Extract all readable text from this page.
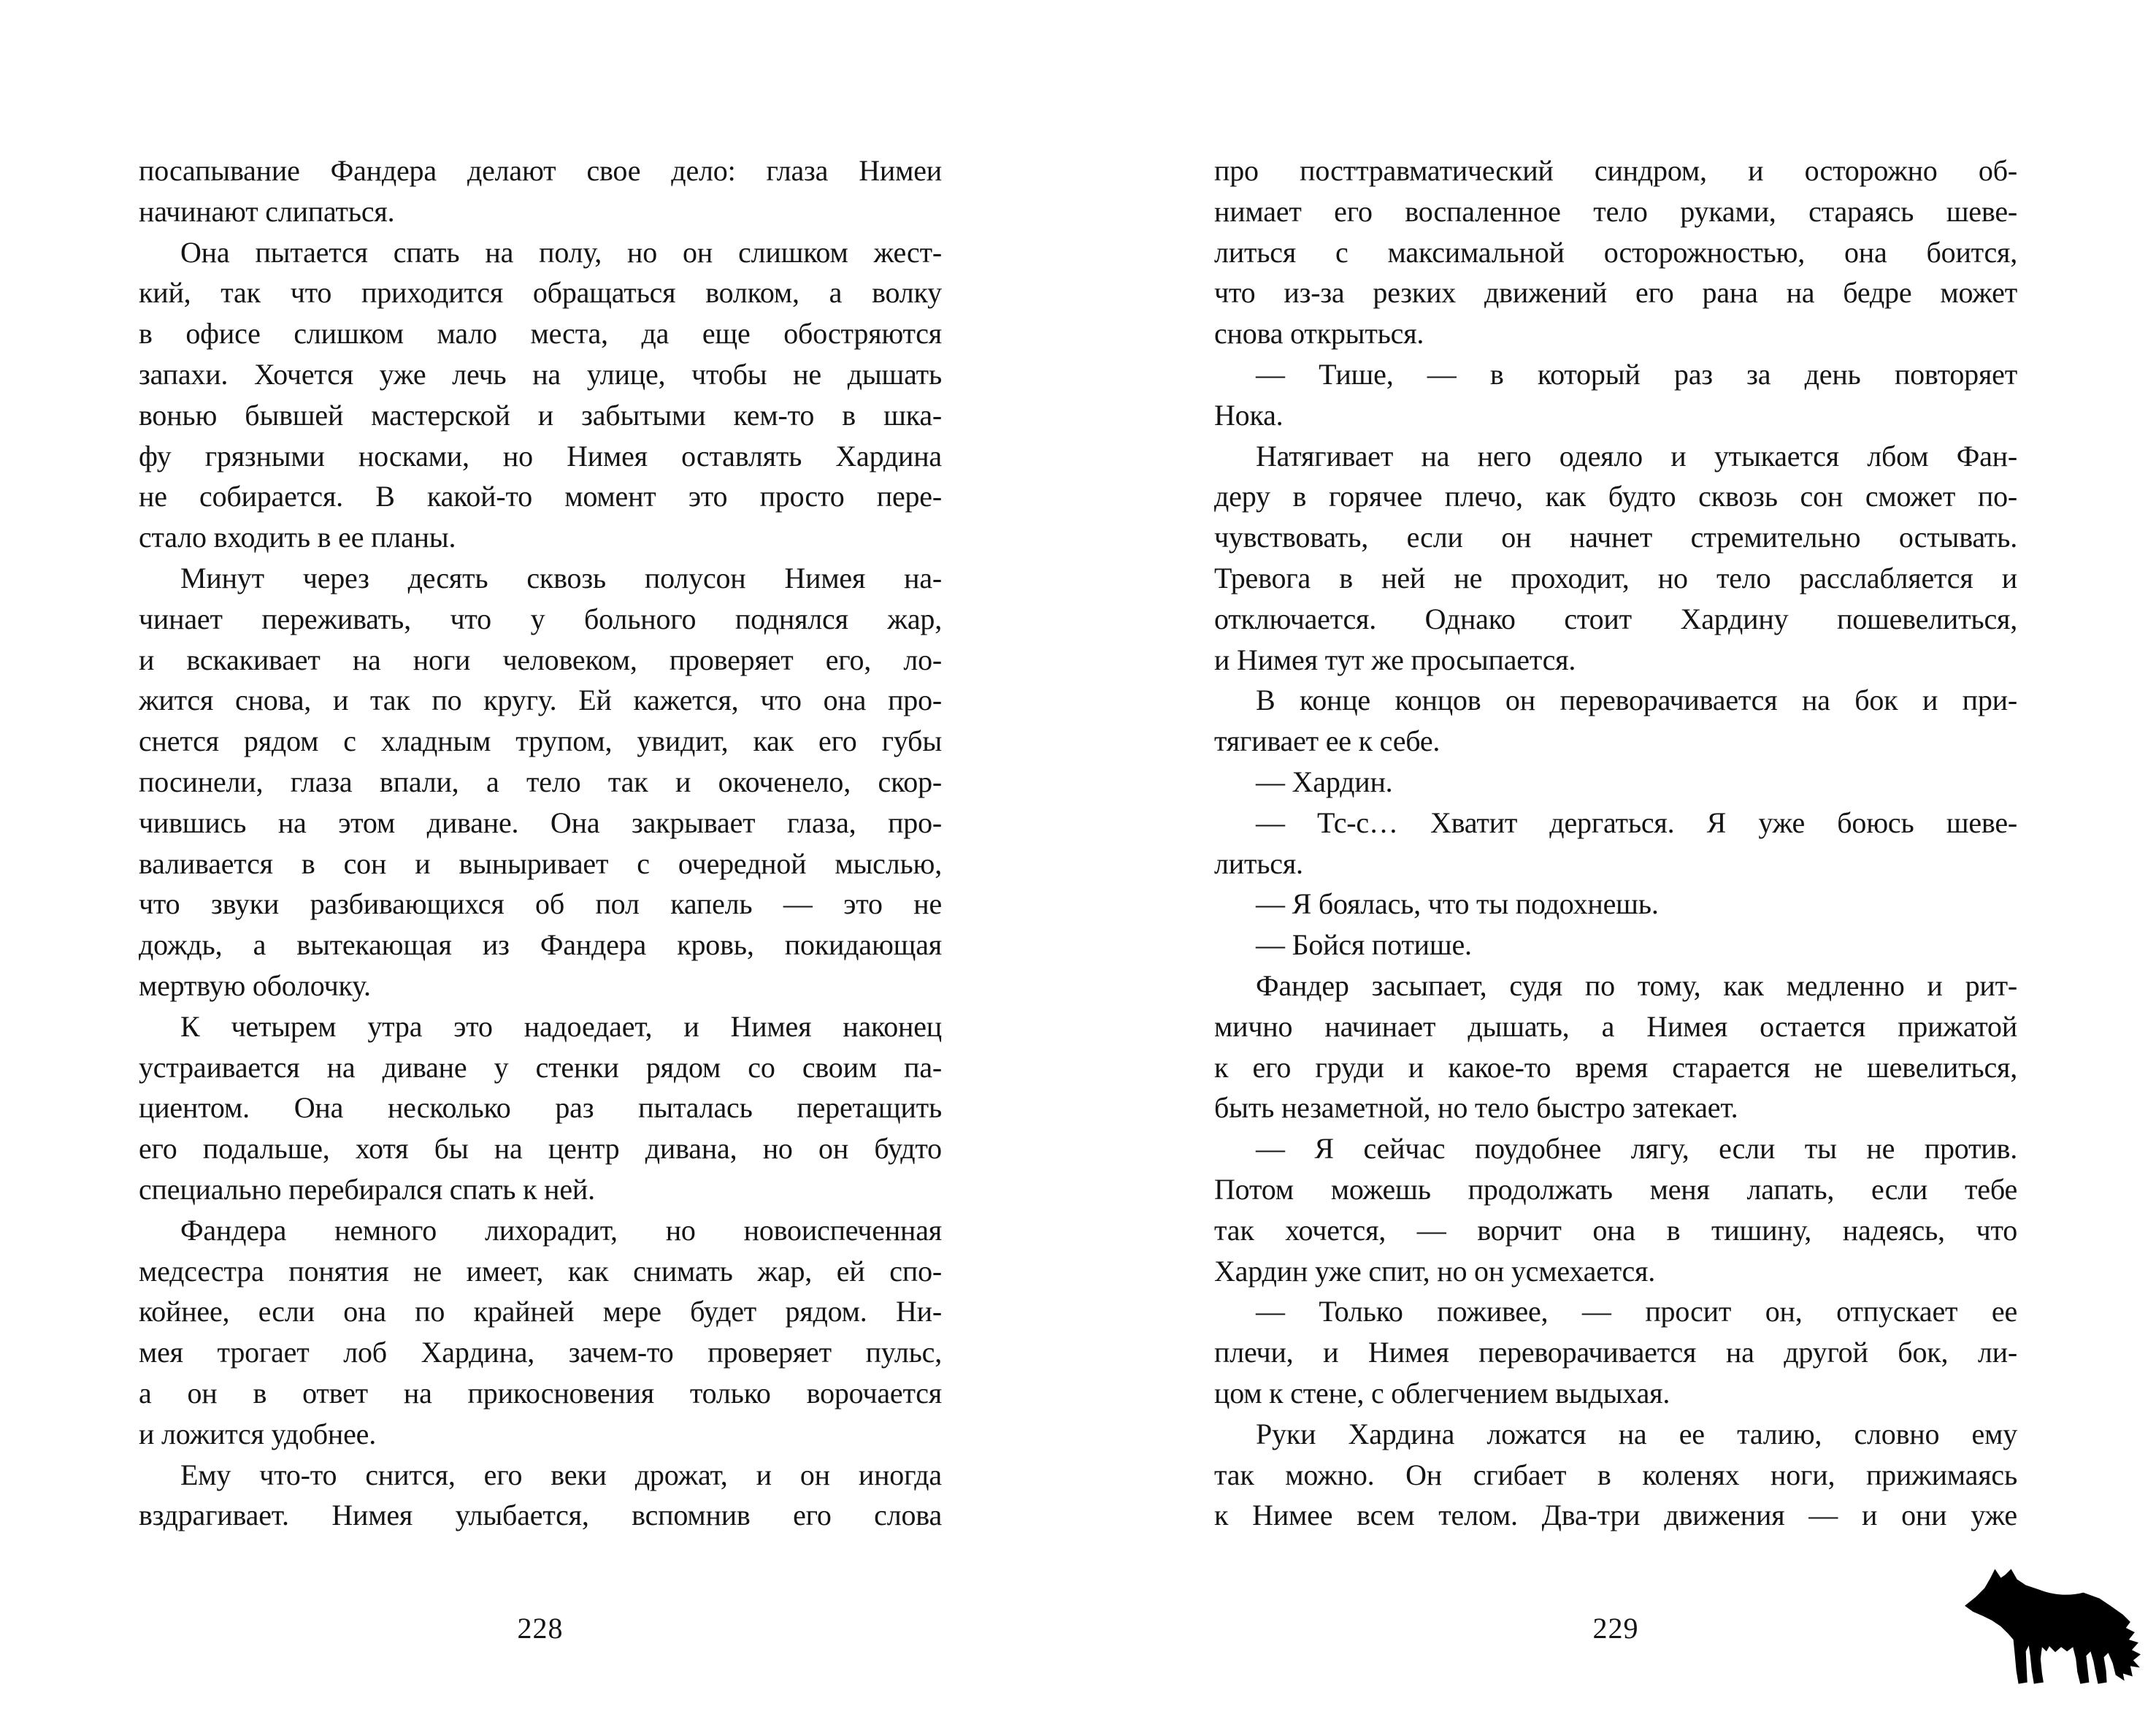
посапывание Фандера делают свое дело: глаза Нимеи
начинают слипаться.
Она пытается спать на полу, но он слишком жест-
кий, так что приходится обращаться волком, а волку
в офисе слишком мало места, да еще обостряются
запахи. Хочется уже лечь на улице, чтобы не дышать
вонью бывшей мастерской и забытыми кем-то в шка-
фу грязными носками, но Нимея оставлять Хардина
не собирается. В какой-то момент это просто пере-
стало входить в ее планы.
Минут через десять сквозь полусон Нимея на-
чинает переживать, что у больного поднялся жар,
и вскакивает на ноги человеком, проверяет его, ло-
жится снова, и так по кругу. Ей кажется, что она про-
снется рядом с хладным трупом, увидит, как его губы
посинели, глаза впали, а тело так и окоченело, скор-
чившись на этом диване. Она закрывает глаза, про-
валивается в сон и выныривает с очередной мыслью,
что звуки разбивающихся об пол капель — это не
дождь, а вытекающая из Фандера кровь, покидающая
мертвую оболочку.
К четырем утра это надоедает, и Нимея наконец
устраивается на диване у стенки рядом со своим па-
циентом. Она несколько раз пыталась перетащить
его подальше, хотя бы на центр дивана, но он будто
специально перебирался спать к ней.
Фандера немного лихорадит, но новоиспеченная
медсестра понятия не имеет, как снимать жар, ей спо-
койнее, если она по крайней мере будет рядом. Ни-
мея трогает лоб Хардина, зачем-то проверяет пульс,
а он в ответ на прикосновения только ворочается
и ложится удобнее.
Ему что-то снится, его веки дрожат, и он иногда
вздрагивает. Нимея улыбается, вспомнив его слова
228
про посттравматический синдром, и осторожно об-
нимает его воспаленное тело руками, стараясь шеве-
литься с максимальной осторожностью, она боится,
что из-за резких движений его рана на бедре может
снова открыться.
— Тише, — в который раз за день повторяет
Нока.
Натягивает на него одеяло и утыкается лбом Фан-
деру в горячее плечо, как будто сквозь сон сможет по-
чувствовать, если он начнет стремительно остывать.
Тревога в ней не проходит, но тело расслабляется и
отключается. Однако стоит Хардину пошевелиться,
и Нимея тут же просыпается.
В конце концов он переворачивается на бок и при-
тягивает ее к себе.
— Хардин.
— Тс-с… Хватит дергаться. Я уже боюсь шеве-
литься.
— Я боялась, что ты подохнешь.
— Бойся потише.
Фандер засыпает, судя по тому, как медленно и рит-
мично начинает дышать, а Нимея остается прижатой
к его груди и какое-то время старается не шевелиться,
быть незаметной, но тело быстро затекает.
— Я сейчас поудобнее лягу, если ты не против.
Потом можешь продолжать меня лапать, если тебе
так хочется, — ворчит она в тишину, надеясь, что
Хардин уже спит, но он усмехается.
— Только поживее, — просит он, отпускает ее
плечи, и Нимея переворачивается на другой бок, ли-
цом к стене, с облегчением выдыхая.
Руки Хардина ложатся на ее талию, словно ему
так можно. Он сгибает в коленях ноги, прижимаясь
к Нимее всем телом. Два-три движения — и они уже
229
